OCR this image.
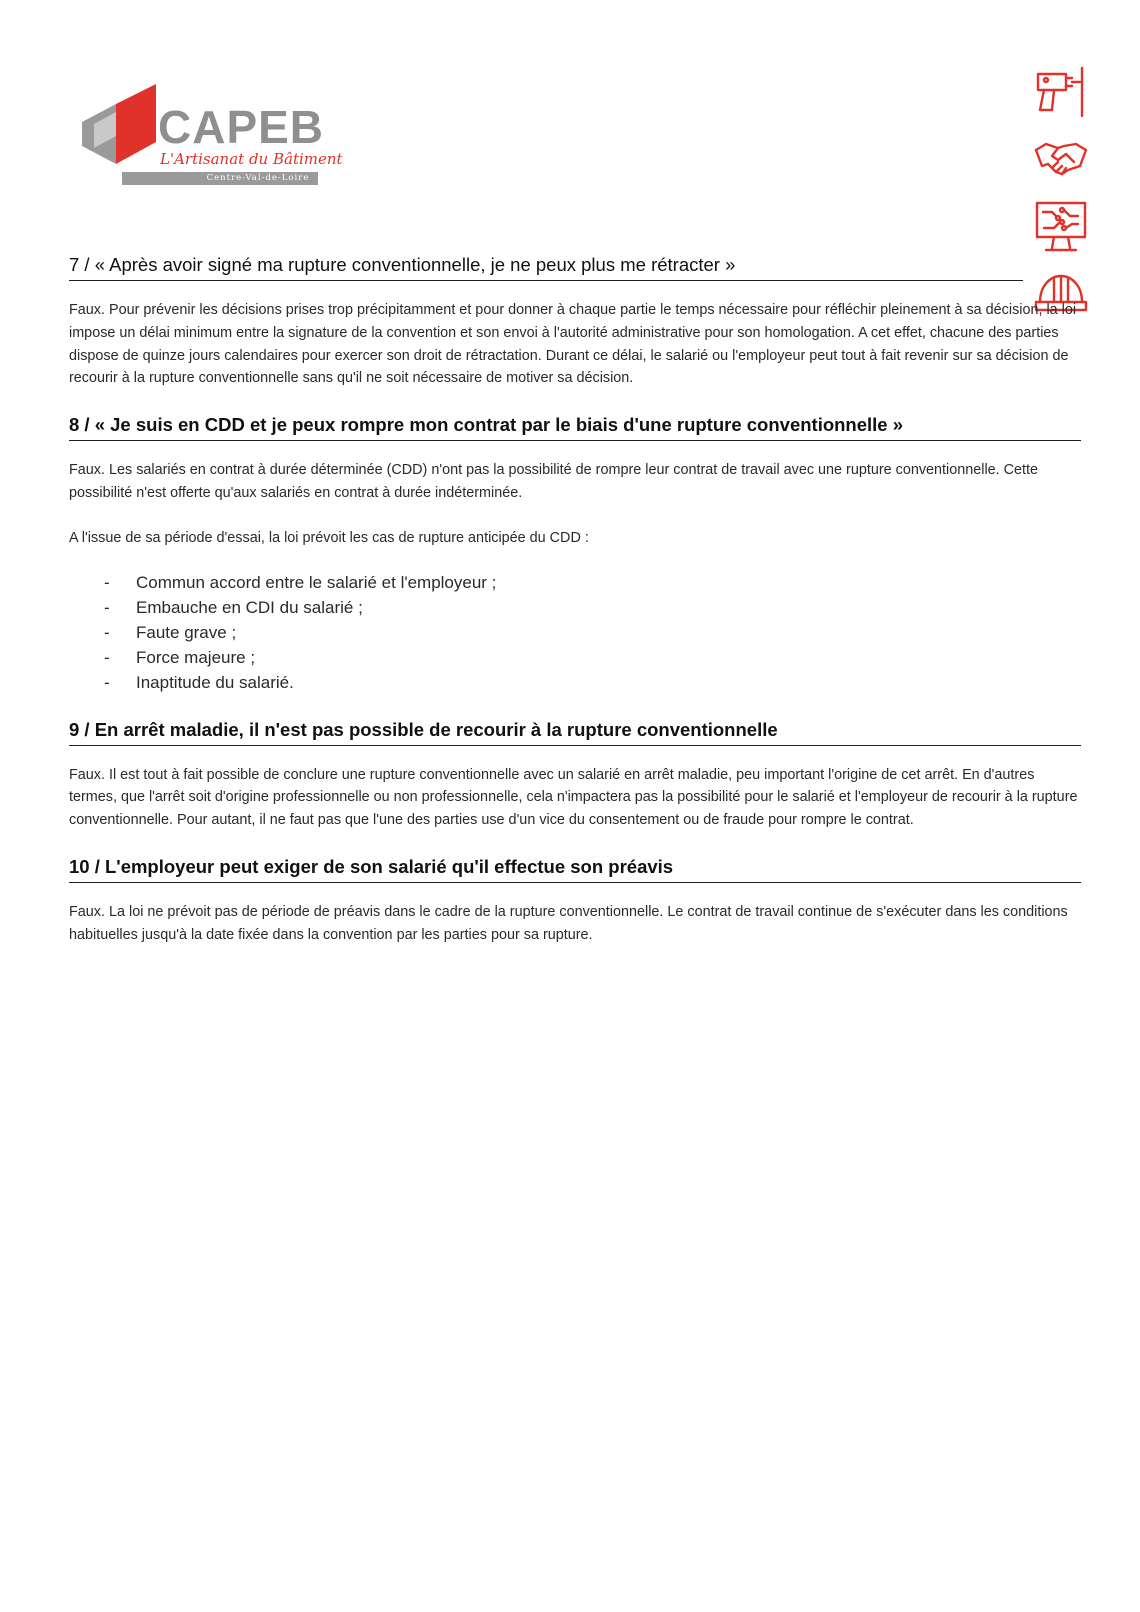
CAPEB
L'Artisanat du Bâtiment
Centre-Val-de-Loire
7 / « Après avoir signé ma rupture conventionnelle, je ne peux plus me rétracter »

Faux. Pour prévenir les décisions prises trop précipitamment et pour donner à chaque partie le temps nécessaire pour réfléchir pleinement à sa décision, la loi impose un délai minimum entre la signature de la convention et son envoi à l'autorité administrative pour son homologation. A cet effet, chacune des parties dispose de quinze jours calendaires pour exercer son droit de rétractation. Durant ce délai, le salarié ou l'employeur peut tout à fait revenir sur sa décision de recourir à la rupture conventionnelle sans qu'il ne soit nécessaire de motiver sa décision.

8 / « Je suis en CDD et je peux rompre mon contrat par le biais d'une rupture conventionnelle »

Faux. Les salariés en contrat à durée déterminée (CDD) n'ont pas la possibilité de rompre leur contrat de travail avec une rupture conventionnelle. Cette possibilité n'est offerte qu'aux salariés en contrat à durée indéterminée.

A l'issue de sa période d'essai, la loi prévoit les cas de rupture anticipée du CDD :

- Commun accord entre le salarié et l'employeur ;
- Embauche en CDI du salarié ;
- Faute grave ;
- Force majeure ;
- Inaptitude du salarié.
9 / En arrêt maladie, il n'est pas possible de recourir à la rupture conventionnelle

Faux. Il est tout à fait possible de conclure une rupture conventionnelle avec un salarié en arrêt maladie, peu important l'origine de cet arrêt. En d'autres termes, que l'arrêt soit d'origine professionnelle ou non professionnelle, cela n'impactera pas la possibilité pour le salarié et l'employeur de recourir à la rupture conventionnelle. Pour autant, il ne faut pas que l'une des parties use d'un vice du consentement ou de fraude pour rompre le contrat.

10 / L'employeur peut exiger de son salarié qu'il effectue son préavis

Faux. La loi ne prévoit pas de période de préavis dans le cadre de la rupture conventionnelle. Le contrat de travail continue de s'exécuter dans les conditions habituelles jusqu'à la date fixée dans la convention par les parties pour sa rupture.
